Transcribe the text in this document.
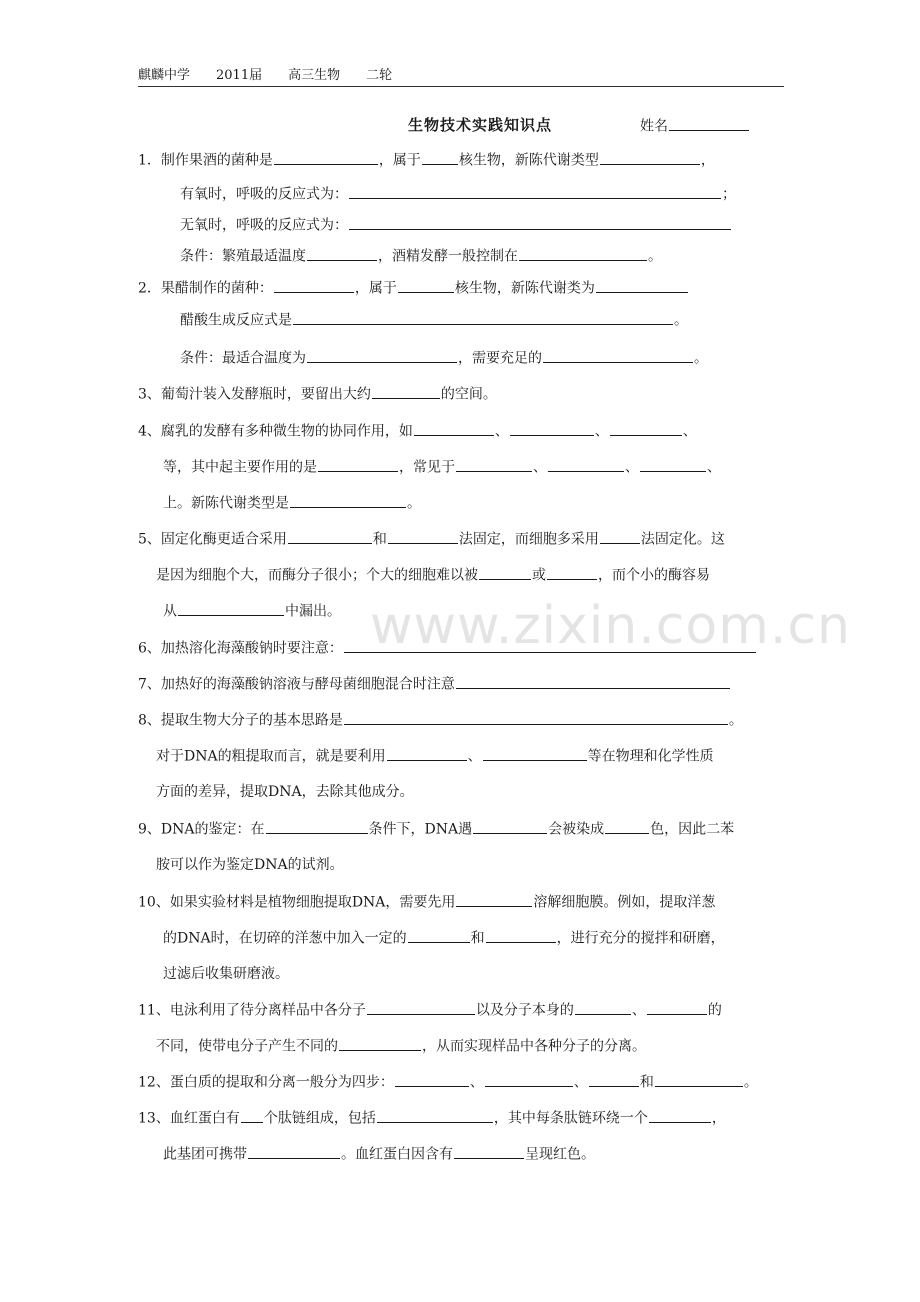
麒麟中学 2011届 高三生物 二轮
生物技术实践知识点	姓名
1．制作果酒的菌种是	，属于	核生物，新陈代谢类型	，
有氧时，呼吸的反应式为：	；
无氧时，呼吸的反应式为：
条件：繁殖最适温度	，酒精发酵一般控制在	。
2．果醋制作的菌种：	，属于	核生物，新陈代谢类为
醋酸生成反应式是	。
条件：最适合温度为	，需要充足的	。
3、葡萄汁装入发酵瓶时，要留出大约	的空间。
4、腐乳的发酵有多种微生物的协同作用，如	、	、	、
等，其中起主要作用的是	，常见于	、	、	、
上。新陈代谢类型是	。
5、固定化酶更适合采用	和	法固定，而细胞多采用	法固定化。这
是因为细胞个大，而酶分子很小；个大的细胞难以被	或	，而个小的酶容易
从	中漏出。
6、加热溶化海藻酸钠时要注意：
7、加热好的海藻酸钠溶液与酵母菌细胞混合时注意
8、提取生物大分子的基本思路是	。
对于DNA的粗提取而言，就是要利用	、	等在物理和化学性质
方面的差异，提取DNA，去除其他成分。
9、DNA的鉴定：在	条件下，DNA遇	会被染成	色，因此二苯
胺可以作为鉴定DNA的试剂。
10、如果实验材料是植物细胞提取DNA，需要先用	溶解细胞膜。例如，提取洋葱
的DNA时，在切碎的洋葱中加入一定的	和	，进行充分的搅拌和研磨，
过滤后收集研磨液。
11、电泳利用了待分离样品中各分子	以及分子本身的	、	的
不同，使带电分子产生不同的	，从而实现样品中各种分子的分离。
12、蛋白质的提取和分离一般分为四步：	、	、	和	。
13、血红蛋白有 个肽链组成，包括	，其中每条肽链环绕一个	，
此基团可携带	。血红蛋白因含有	呈现红色。
www.zixin.com.cn
